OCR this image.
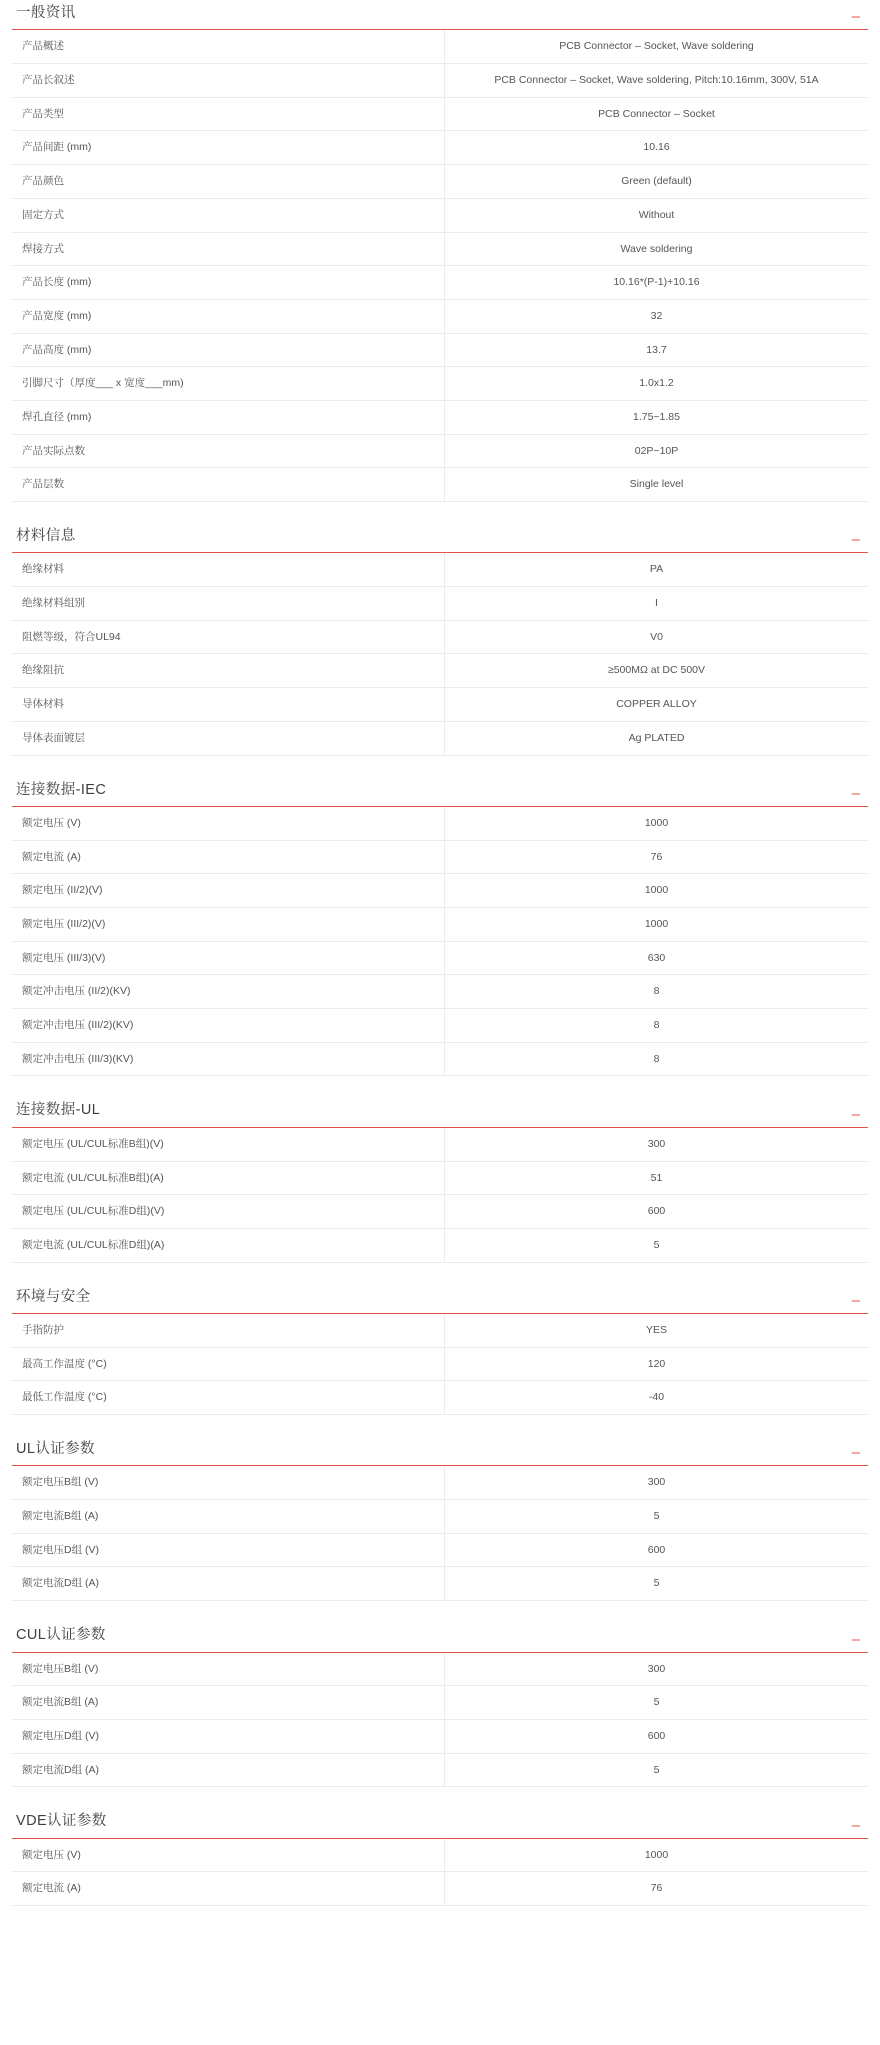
一般资讯	–
产品概述	PCB Connector – Socket, Wave soldering
产品长叙述	PCB Connector – Socket, Wave soldering, Pitch:10.16mm, 300V, 51A
产品类型	PCB Connector – Socket
产品间距 (mm)	10.16
产品颜色	Green (default)
固定方式	Without
焊接方式	Wave soldering
产品长度 (mm)	10.16*(P-1)+10.16
产品宽度 (mm)	32
产品高度 (mm)	13.7
引脚尺寸（厚度___ x 宽度___mm)	1.0x1.2
焊孔直径 (mm)	1.75~1.85
产品实际点数	02P~10P
产品层数	Single level
材料信息	–
绝缘材料	PA
绝缘材料组别	I
阻燃等级，符合UL94	V0
绝缘阻抗	≥500MΩ at DC 500V
导体材料	COPPER ALLOY
导体表面镀层	Ag PLATED
连接数据-IEC	–
额定电压 (V)	1000
额定电流 (A)	76
额定电压 (II/2)(V)	1000
额定电压 (III/2)(V)	1000
额定电压 (III/3)(V)	630
额定冲击电压 (II/2)(KV)	8
额定冲击电压 (III/2)(KV)	8
额定冲击电压 (III/3)(KV)	8
连接数据-UL	–
额定电压 (UL/CUL标准B组)(V)	300
额定电流 (UL/CUL标准B组)(A)	51
额定电压 (UL/CUL标准D组)(V)	600
额定电流 (UL/CUL标准D组)(A)	5
环境与安全	–
手指防护	YES
最高工作温度 (°C)	120
最低工作温度 (°C)	-40
UL认证参数	–
额定电压B组 (V)	300
额定电流B组 (A)	5
额定电压D组 (V)	600
额定电流D组 (A)	5
CUL认证参数	–
额定电压B组 (V)	300
额定电流B组 (A)	5
额定电压D组 (V)	600
额定电流D组 (A)	5
VDE认证参数	–
额定电压 (V)	1000
额定电流 (A)	76
